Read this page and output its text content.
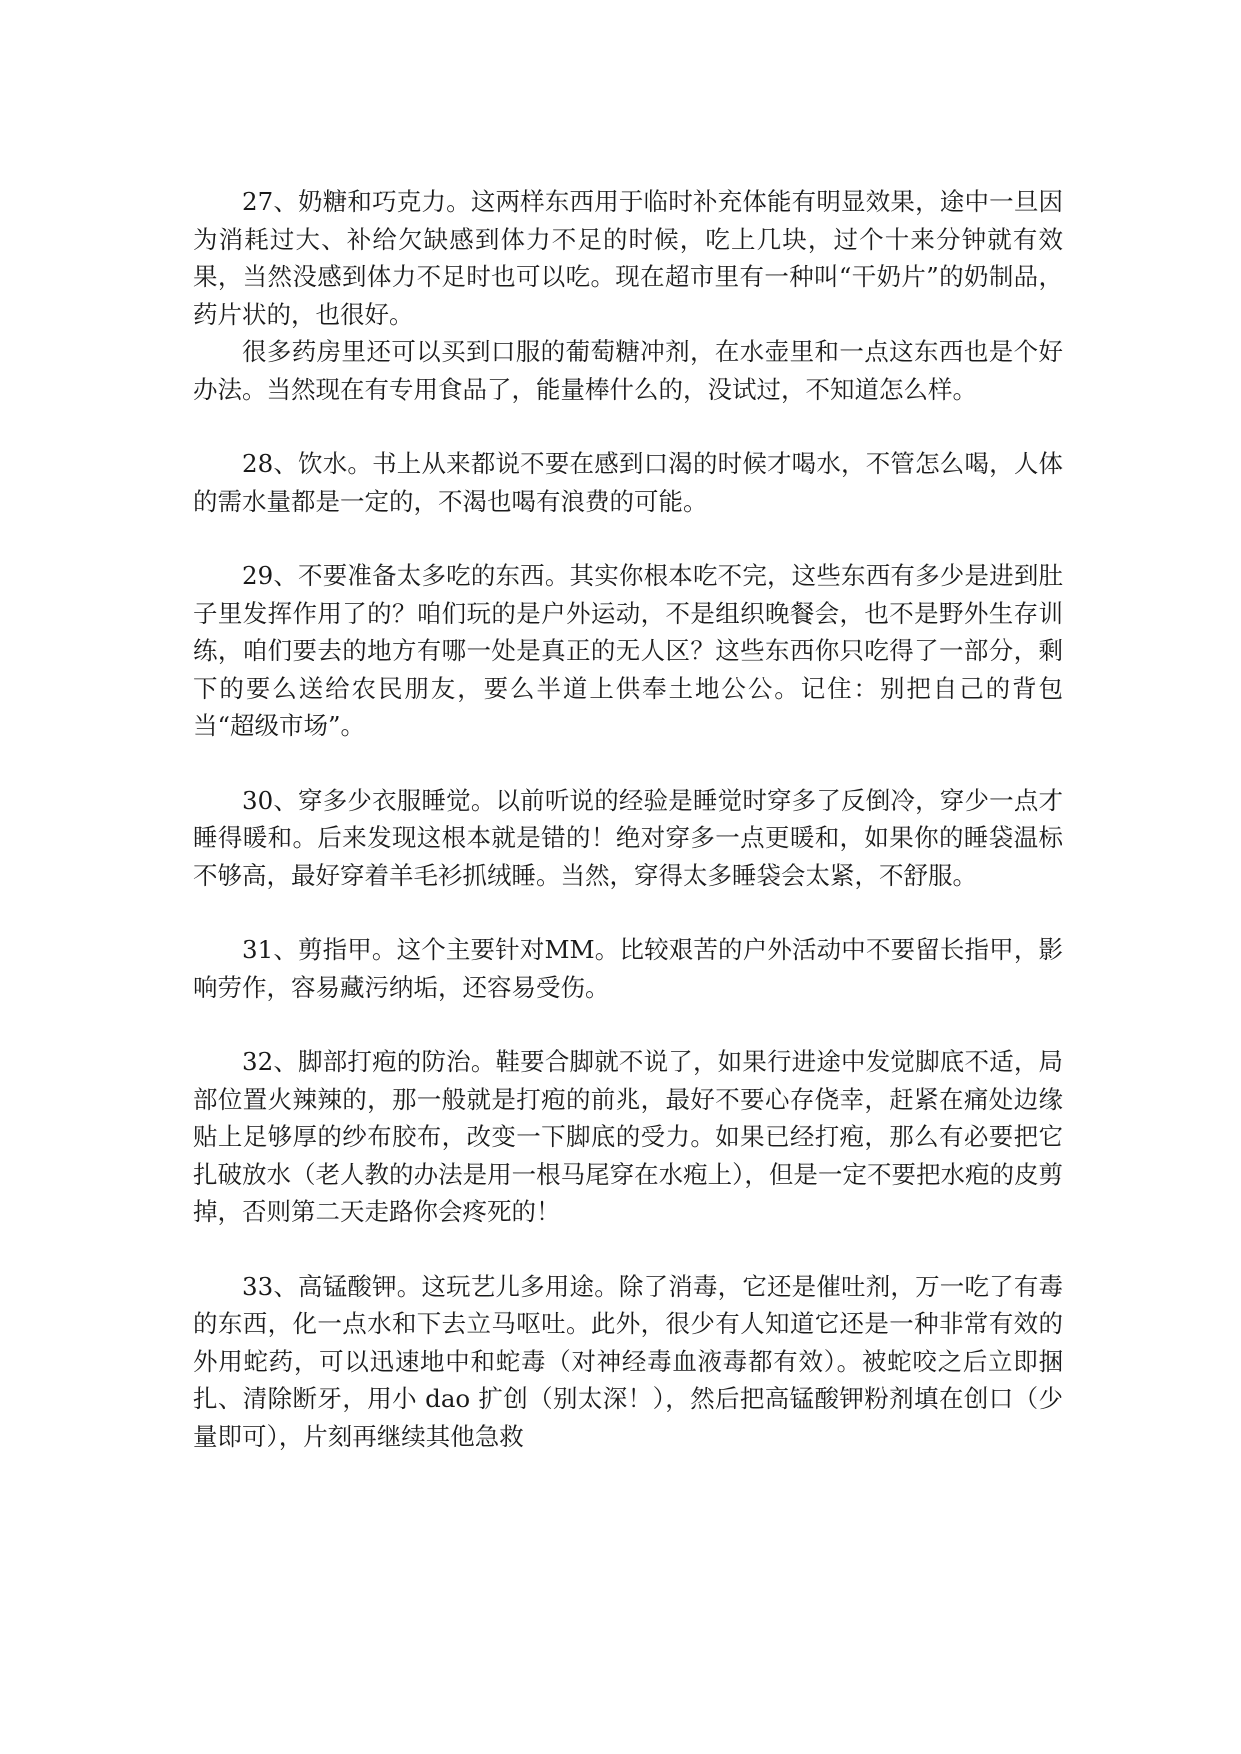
27、奶糖和巧克力。这两样东西用于临时补充体能有明显效果，途中一旦因为消耗过大、补给欠缺感到体力不足的时候，吃上几块，过个十来分钟就有效果，当然没感到体力不足时也可以吃。现在超市里有一种叫“干奶片”的奶制品，药片状的，也很好。

很多药房里还可以买到口服的葡萄糖冲剂，在水壶里和一点这东西也是个好办法。当然现在有专用食品了，能量棒什么的，没试过，不知道怎么样。

28、饮水。书上从来都说不要在感到口渴的时候才喝水，不管怎么喝，人体的需水量都是一定的，不渴也喝有浪费的可能。

29、不要准备太多吃的东西。其实你根本吃不完，这些东西有多少是进到肚子里发挥作用了的？咱们玩的是户外运动，不是组织晚餐会，也不是野外生存训练，咱们要去的地方有哪一处是真正的无人区？这些东西你只吃得了一部分，剩下的要么送给农民朋友，要么半道上供奉土地公公。记住：别把自己的背包当“超级市场”。

30、穿多少衣服睡觉。以前听说的经验是睡觉时穿多了反倒冷，穿少一点才睡得暖和。后来发现这根本就是错的！绝对穿多一点更暖和，如果你的睡袋温标不够高，最好穿着羊毛衫抓绒睡。当然，穿得太多睡袋会太紧，不舒服。

31、剪指甲。这个主要针对MM。比较艰苦的户外活动中不要留长指甲，影响劳作，容易藏污纳垢，还容易受伤。

32、脚部打疱的防治。鞋要合脚就不说了，如果行进途中发觉脚底不适，局部位置火辣辣的，那一般就是打疱的前兆，最好不要心存侥幸，赶紧在痛处边缘贴上足够厚的纱布胶布，改变一下脚底的受力。如果已经打疱，那么有必要把它扎破放水（老人教的办法是用一根马尾穿在水疱上），但是一定不要把水疱的皮剪掉，否则第二天走路你会疼死的！

33、高锰酸钾。这玩艺儿多用途。除了消毒，它还是催吐剂，万一吃了有毒的东西，化一点水和下去立马呕吐。此外，很少有人知道它还是一种非常有效的外用蛇药，可以迅速地中和蛇毒（对神经毒血液毒都有效）。被蛇咬之后立即捆扎、清除断牙，用小 dao 扩创（别太深！），然后把高锰酸钾粉剂填在创口（少量即可），片刻再继续其他急救
